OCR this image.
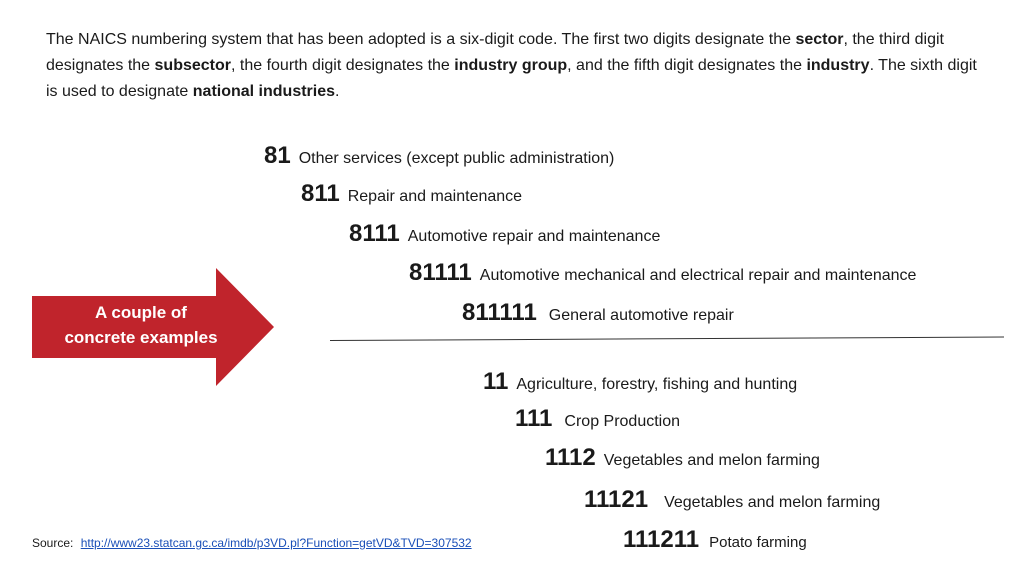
The NAICS numbering system that has been adopted is a six-digit code. The first two digits designate the sector, the third digit designates the subsector, the fourth digit designates the industry group, and the fifth digit designates the industry. The sixth digit is used to designate national industries.
A couple of
concrete examples
81 Other services (except public administration)
811 Repair and maintenance
8111 Automotive repair and maintenance
81111 Automotive mechanical and electrical repair and maintenance
811111 General automotive repair
11 Agriculture, forestry, fishing and hunting
111 Crop Production
1112 Vegetables and melon farming
11121 Vegetables and melon farming
111211 Potato farming
Source: http://www23.statcan.gc.ca/imdb/p3VD.pl?Function=getVD&TVD=307532
